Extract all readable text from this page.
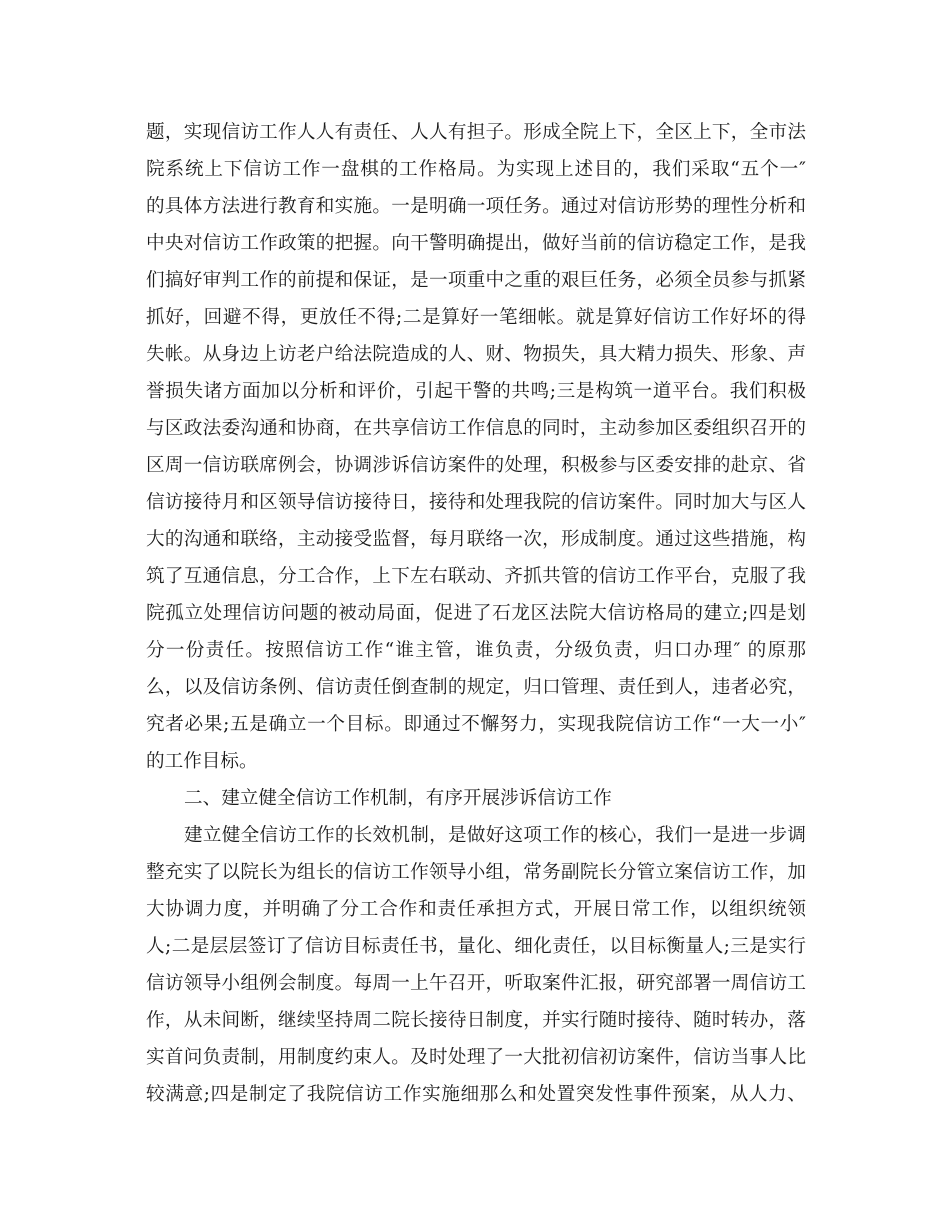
题，实现信访工作人人有责任、人人有担子。形成全院上下，全区上下，全市法
院系统上下信访工作一盘棋的工作格局。为实现上述目的，我们采取“五个一″
的具体方法进行教育和实施。一是明确一项任务。通过对信访形势的理性分析和
中央对信访工作政策的把握。向干警明确提出，做好当前的信访稳定工作，是我
们搞好审判工作的前提和保证，是一项重中之重的艰巨任务，必须全员参与抓紧
抓好，回避不得，更放任不得;二是算好一笔细帐。就是算好信访工作好坏的得
失帐。从身边上访老户给法院造成的人、财、物损失，具大精力损失、形象、声
誉损失诸方面加以分析和评价，引起干警的共鸣;三是构筑一道平台。我们积极
与区政法委沟通和协商，在共享信访工作信息的同时，主动参加区委组织召开的
区周一信访联席例会，协调涉诉信访案件的处理，积极参与区委安排的赴京、省
信访接待月和区领导信访接待日，接待和处理我院的信访案件。同时加大与区人
大的沟通和联络，主动接受监督，每月联络一次，形成制度。通过这些措施，构
筑了互通信息，分工合作，上下左右联动、齐抓共管的信访工作平台，克服了我
院孤立处理信访问题的被动局面，促进了石龙区法院大信访格局的建立;四是划
分一份责任。按照信访工作“谁主管，谁负责，分级负责，归口办理″ 的原那
么，以及信访条例、信访责任倒查制的规定，归口管理、责任到人，违者必究，
究者必果;五是确立一个目标。即通过不懈努力，实现我院信访工作“一大一小″
的工作目标。
二、建立健全信访工作机制，有序开展涉诉信访工作
建立健全信访工作的长效机制，是做好这项工作的核心，我们一是进一步调
整充实了以院长为组长的信访工作领导小组，常务副院长分管立案信访工作，加
大协调力度，并明确了分工合作和责任承担方式，开展日常工作，以组织统领
人;二是层层签订了信访目标责任书，量化、细化责任，以目标衡量人;三是实行
信访领导小组例会制度。每周一上午召开，听取案件汇报，研究部署一周信访工
作，从未间断，继续坚持周二院长接待日制度，并实行随时接待、随时转办，落
实首问负责制，用制度约束人。及时处理了一大批初信初访案件，信访当事人比
较满意;四是制定了我院信访工作实施细那么和处置突发性事件预案，从人力、
